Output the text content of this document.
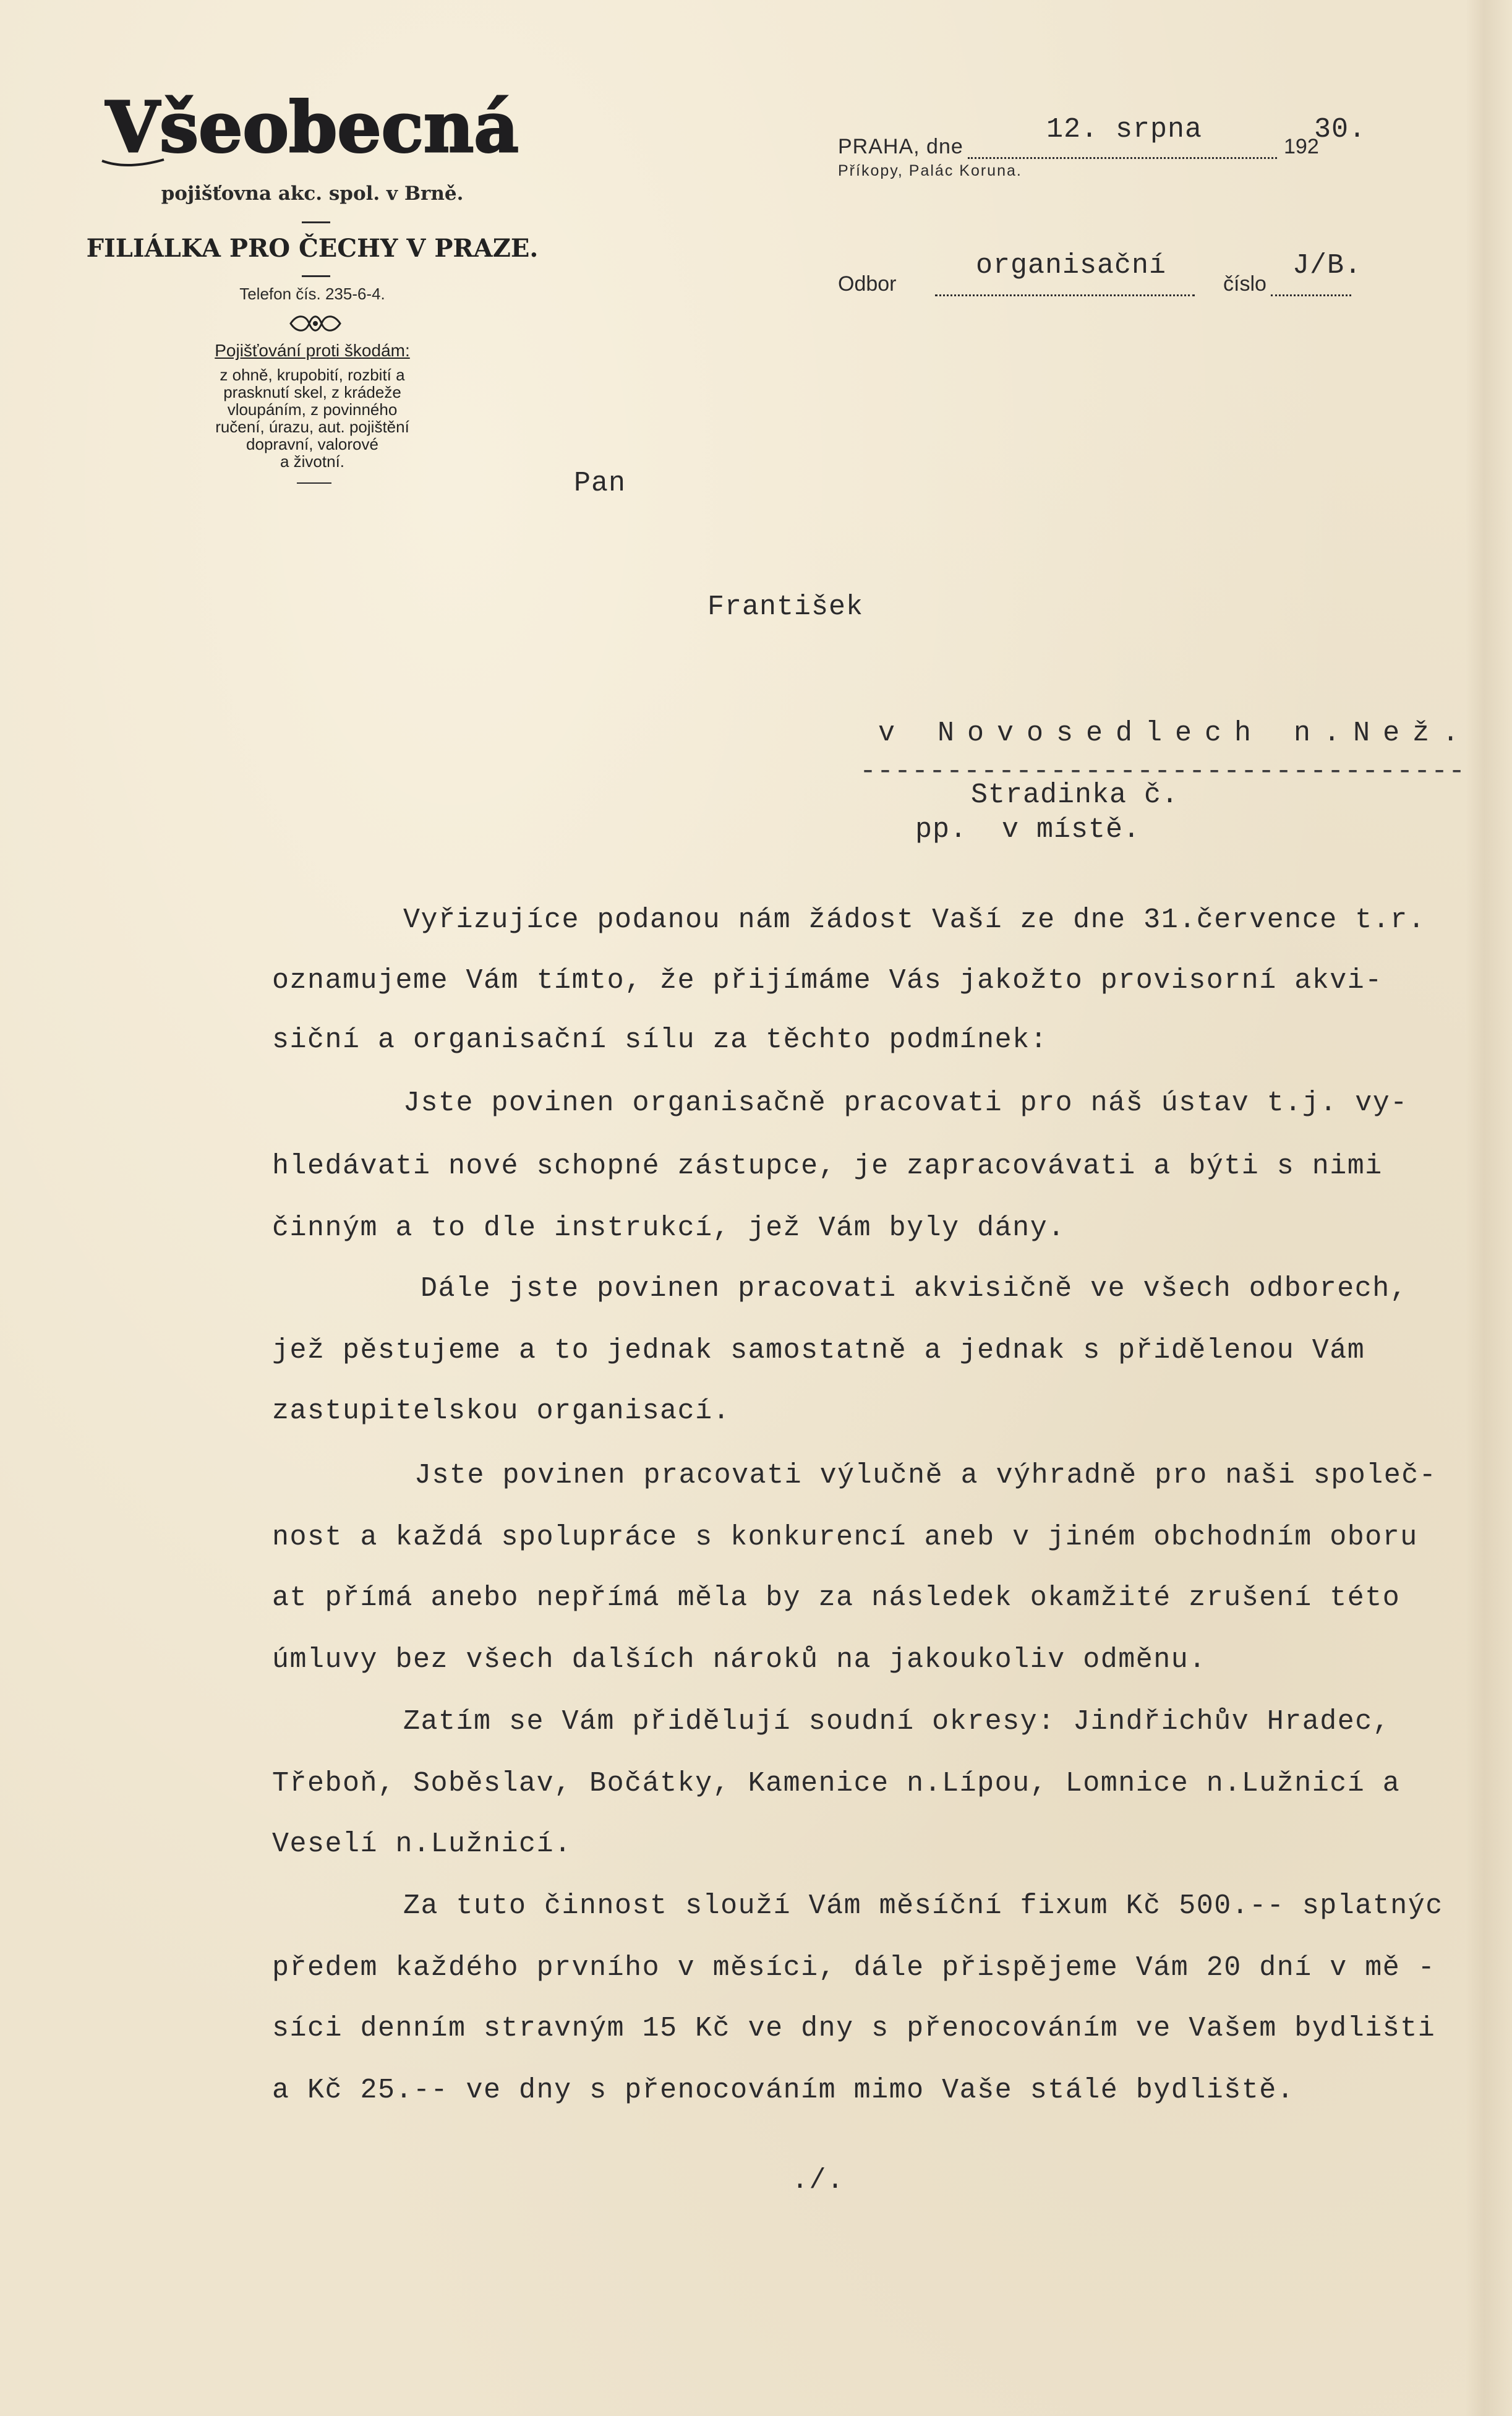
Všeobecná
pojišťovna akc. spol. v Brně.
FILIÁLKA PRO ČECHY V PRAZE.
Telefon čís. 235-6-4.
Pojišťování proti škodám:
z ohně, krupobití, rozbití a
prasknutí skel, z krádeže
vloupáním, z povinného
ručení, úrazu, aut. pojištění
dopravní, valorové
a životní.
PRAHA, dne
12. srpna
192
30.
Příkopy, Palác Koruna.
Odbor
organisační
číslo
J/B.
Pan
František
v Novosedlech n.Než.
-----------------------------------
Stradinka č.
pp.  v místě.
Vyřizujíce podanou nám žádost Vaší ze dne 31.července t.r.
oznamujeme Vám tímto, že přijímáme Vás jakožto provisorní akvi-
siční a organisační sílu za těchto podmínek:
Jste povinen organisačně pracovati pro náš ústav t.j. vy-
hledávati nové schopné zástupce, je zapracovávati a býti s nimi
činným a to dle instrukcí, jež Vám byly dány.
Dále jste povinen pracovati akvisičně ve všech odborech,
jež pěstujeme a to jednak samostatně a jednak s přidělenou Vám
zastupitelskou organisací.
Jste povinen pracovati výlučně a výhradně pro naši společ-
nost a každá spolupráce s konkurencí aneb v jiném obchodním oboru
at přímá anebo nepřímá měla by za následek okamžité zrušení této
úmluvy bez všech dalších nároků na jakoukoliv odměnu.
Zatím se Vám přidělují soudní okresy: Jindřichův Hradec,
Třeboň, Soběslav, Bočátky, Kamenice n.Lípou, Lomnice n.Lužnicí a
Veselí n.Lužnicí.
Za tuto činnost slouží Vám měsíční fixum Kč 500.-- splatnýc
předem každého prvního v měsíci, dále přispějeme Vám 20 dní v mě -
síci denním stravným 15 Kč ve dny s přenocováním ve Vašem bydlišti
a Kč 25.-- ve dny s přenocováním mimo Vaše stálé bydliště.
./.
